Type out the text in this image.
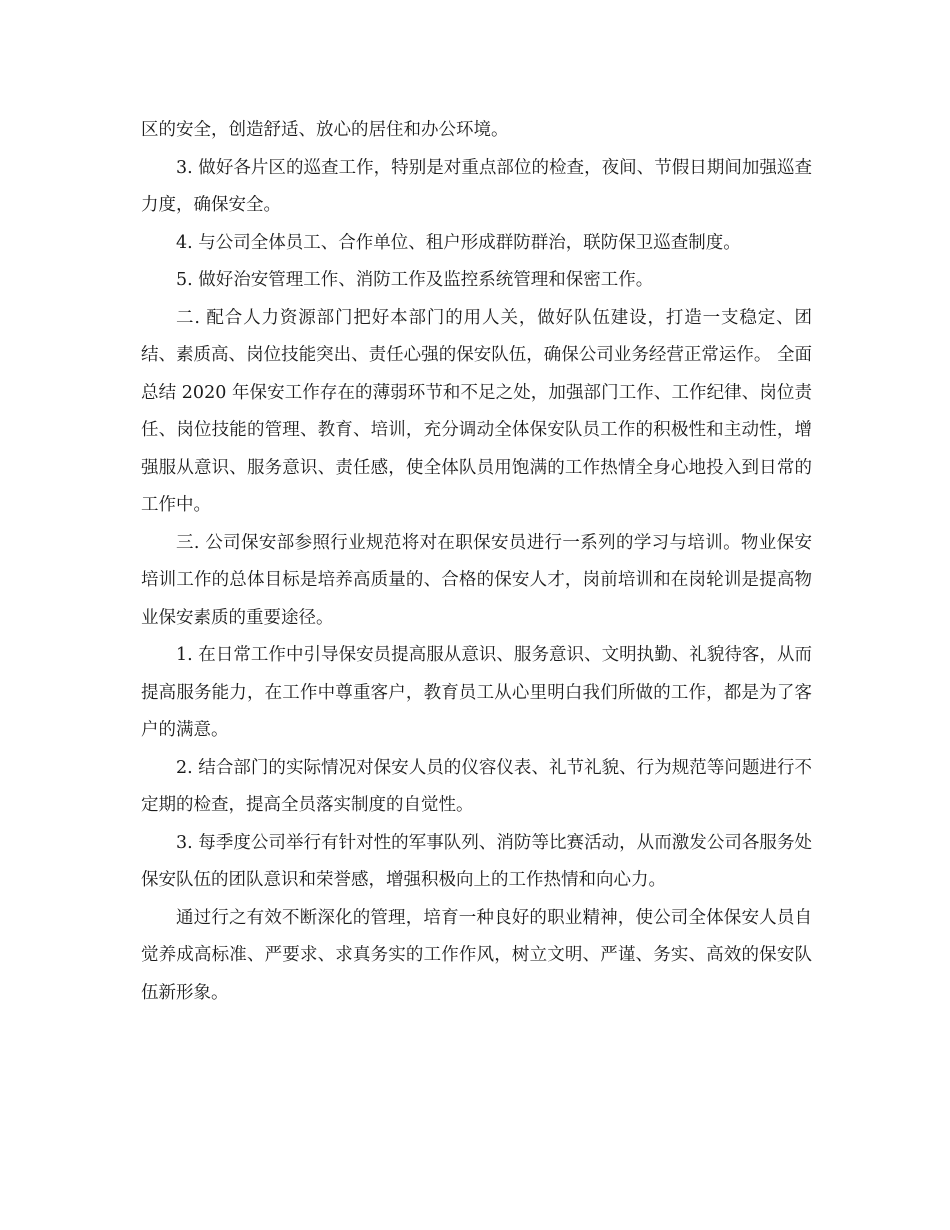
区的安全，创造舒适、放心的居住和办公环境。

3. 做好各片区的巡查工作，特别是对重点部位的检查，夜间、节假日期间加强巡查力度，确保安全。

4. 与公司全体员工、合作单位、租户形成群防群治，联防保卫巡查制度。

5. 做好治安管理工作、消防工作及监控系统管理和保密工作。

二. 配合人力资源部门把好本部门的用人关，做好队伍建设，打造一支稳定、团结、素质高、岗位技能突出、责任心强的保安队伍，确保公司业务经营正常运作。 全面总结 2020 年保安工作存在的薄弱环节和不足之处，加强部门工作、工作纪律、岗位责任、岗位技能的管理、教育、培训，充分调动全体保安队员工作的积极性和主动性，增强服从意识、服务意识、责任感，使全体队员用饱满的工作热情全身心地投入到日常的工作中。

三. 公司保安部参照行业规范将对在职保安员进行一系列的学习与培训。物业保安培训工作的总体目标是培养高质量的、合格的保安人才，岗前培训和在岗轮训是提高物业保安素质的重要途径。

1. 在日常工作中引导保安员提高服从意识、服务意识、文明执勤、礼貌待客，从而提高服务能力，在工作中尊重客户，教育员工从心里明白我们所做的工作，都是为了客户的满意。

2. 结合部门的实际情况对保安人员的仪容仪表、礼节礼貌、行为规范等问题进行不定期的检查，提高全员落实制度的自觉性。

3. 每季度公司举行有针对性的军事队列、消防等比赛活动，从而激发公司各服务处保安队伍的团队意识和荣誉感，增强积极向上的工作热情和向心力。

通过行之有效不断深化的管理，培育一种良好的职业精神，使公司全体保安人员自觉养成高标准、严要求、求真务实的工作作风，树立文明、严谨、务实、高效的保安队伍新形象。
